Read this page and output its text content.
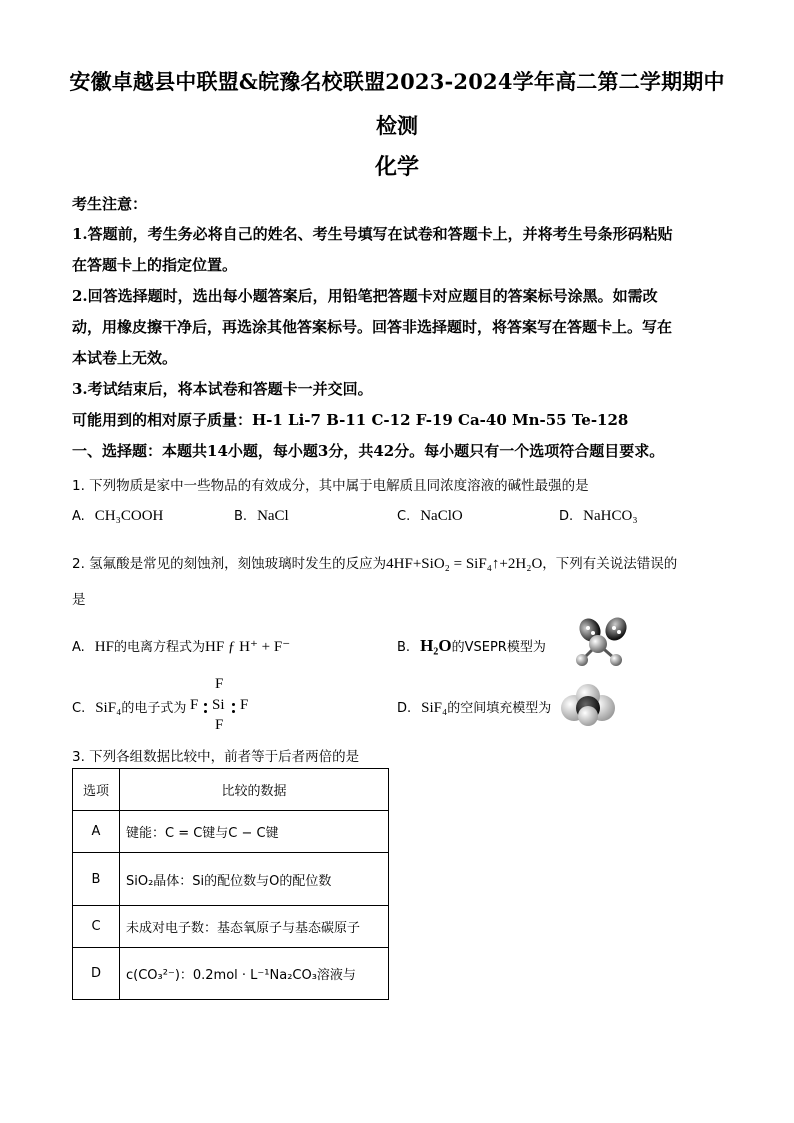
安徽卓越县中联盟&皖豫名校联盟2023-2024学年高二第二学期期中
检测
化学
考生注意：
1.答题前，考生务必将自己的姓名、考生号填写在试卷和答题卡上，并将考生号条形码粘贴
在答题卡上的指定位置。
2.回答选择题时，选出每小题答案后，用铅笔把答题卡对应题目的答案标号涂黑。如需改
动，用橡皮擦干净后，再选涂其他答案标号。回答非选择题时，将答案写在答题卡上。写在
本试卷上无效。
3.考试结束后，将本试卷和答题卡一并交回。
可能用到的相对原子质量：H-1 Li-7 B-11 C-12 F-19 Ca-40 Mn-55 Te-128
一、选择题：本题共14小题，每小题3分，共42分。每小题只有一个选项符合题目要求。
1. 下列物质是家中一些物品的有效成分，其中属于电解质且同浓度溶液的碱性最强的是
A. CH₃COOH	B. NaCl	C. NaClO	D. NaHCO₃
2. 氢氟酸是常见的刻蚀剂，刻蚀玻璃时发生的反应为4HF+SiO₂ = SiF₄↑+2H₂O，下列有关说法错误的
是
A. HF的电离方程式为HF ƒ H⁺ + F⁻	B. H₂O的VSEPR模型为
C. SiF₄的电子式为
F
F Si F
F
D. SiF₄的空间填充模型为
3. 下列各组数据比较中，前者等于后者两倍的是
选项	比较的数据
A	键能：C = C键与C − C键
B	SiO₂晶体：Si的配位数与O的配位数
C	未成对电子数：基态氧原子与基态碳原子
D	c(CO₃²⁻)：0.2mol · L⁻¹Na₂CO₃溶液与
